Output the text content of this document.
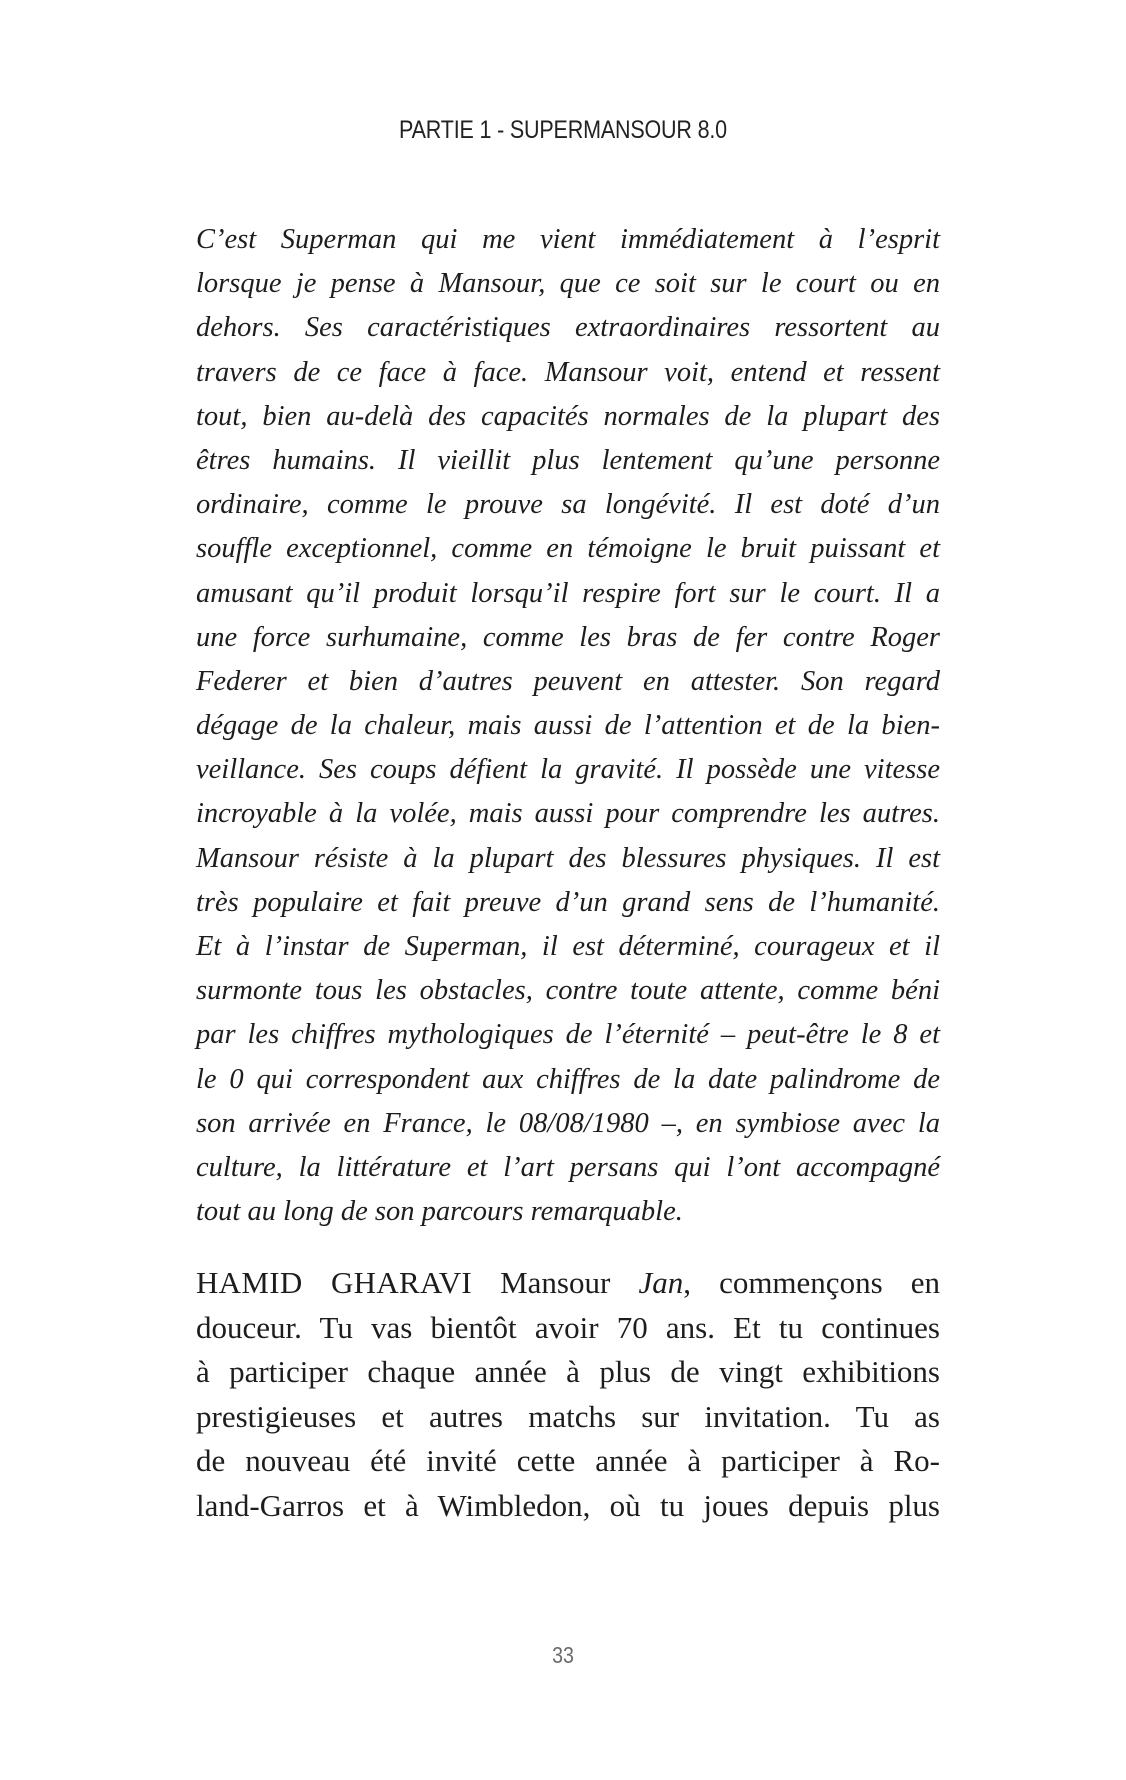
PARTIE 1 - SUPERMANSOUR 8.0
C’est Superman qui me vient immédiatement à l’esprit
lorsque je pense à Mansour, que ce soit sur le court ou en
dehors. Ses caractéristiques extraordinaires ressortent au
travers de ce face à face. Mansour voit, entend et ressent
tout, bien au-delà des capacités normales de la plupart des
êtres humains. Il vieillit plus lentement qu’une personne
ordinaire, comme le prouve sa longévité. Il est doté d’un
souffle exceptionnel, comme en témoigne le bruit puissant et
amusant qu’il produit lorsqu’il respire fort sur le court. Il a
une force surhumaine, comme les bras de fer contre Roger
Federer et bien d’autres peuvent en attester. Son regard
dégage de la chaleur, mais aussi de l’attention et de la bien-
veillance. Ses coups défient la gravité. Il possède une vitesse
incroyable à la volée, mais aussi pour comprendre les autres.
Mansour résiste à la plupart des blessures physiques. Il est
très populaire et fait preuve d’un grand sens de l’humanité.
Et à l’instar de Superman, il est déterminé, courageux et il
surmonte tous les obstacles, contre toute attente, comme béni
par les chiffres mythologiques de l’éternité – peut-être le 8 et
le 0 qui correspondent aux chiffres de la date palindrome de
son arrivée en France, le 08/08/1980 –, en symbiose avec la
culture, la littérature et l’art persans qui l’ont accompagné
tout au long de son parcours remarquable.
HAMID GHARAVI Mansour Jan, commençons en
douceur. Tu vas bientôt avoir 70 ans. Et tu continues
à participer chaque année à plus de vingt exhibitions
prestigieuses et autres matchs sur invitation. Tu as
de nouveau été invité cette année à participer à Ro-
land-Garros et à Wimbledon, où tu joues depuis plus
33
